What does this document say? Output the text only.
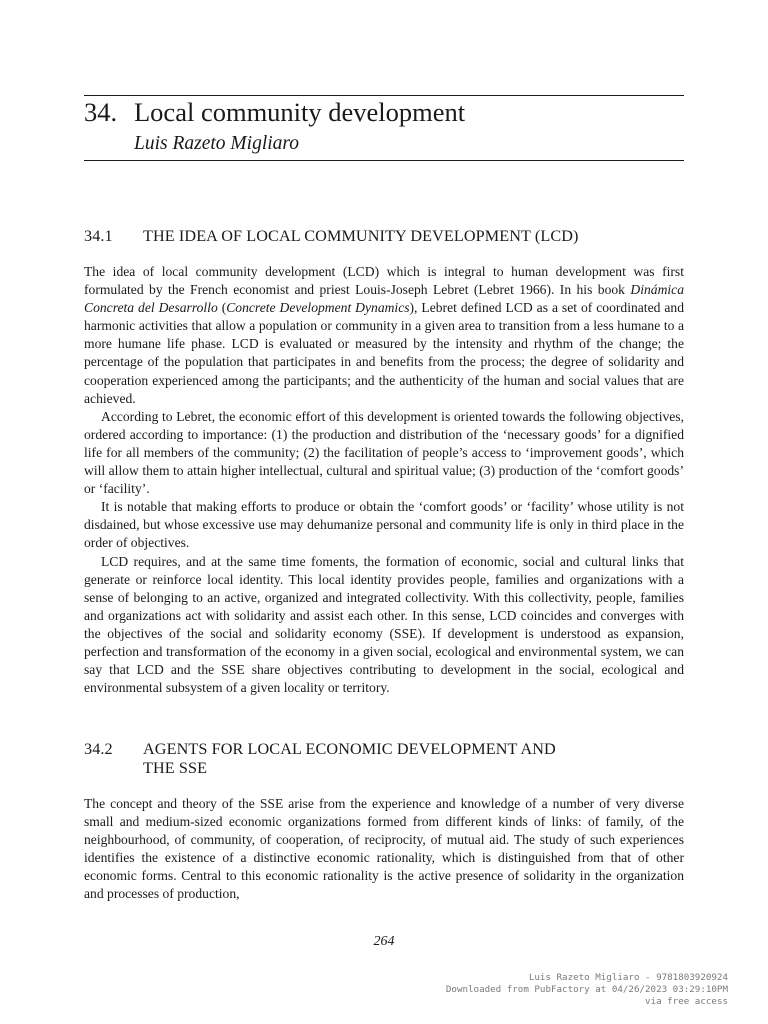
34. Local community development
Luis Razeto Migliaro
34.1 THE IDEA OF LOCAL COMMUNITY DEVELOPMENT (LCD)

The idea of local community development (LCD) which is integral to human development was first formulated by the French economist and priest Louis-Joseph Lebret (Lebret 1966). In his book Dinámica Concreta del Desarrollo (Concrete Development Dynamics), Lebret defined LCD as a set of coordinated and harmonic activities that allow a population or community in a given area to transition from a less humane to a more humane life phase. LCD is evaluated or measured by the intensity and rhythm of the change; the percentage of the population that participates in and benefits from the process; the degree of solidarity and cooperation experienced among the participants; and the authenticity of the human and social values that are achieved.

According to Lebret, the economic effort of this development is oriented towards the following objectives, ordered according to importance: (1) the production and distribution of the ‘necessary goods’ for a dignified life for all members of the community; (2) the facilitation of people’s access to ‘improvement goods’, which will allow them to attain higher intellectual, cultural and spiritual value; (3) production of the ‘comfort goods’ or ‘facility’.

It is notable that making efforts to produce or obtain the ‘comfort goods’ or ‘facility’ whose utility is not disdained, but whose excessive use may dehumanize personal and community life is only in third place in the order of objectives.

LCD requires, and at the same time foments, the formation of economic, social and cultural links that generate or reinforce local identity. This local identity provides people, families and organizations with a sense of belonging to an active, organized and integrated collectivity. With this collectivity, people, families and organizations act with solidarity and assist each other. In this sense, LCD coincides and converges with the objectives of the social and solidarity economy (SSE). If development is understood as expansion, perfection and transformation of the economy in a given social, ecological and environmental system, we can say that LCD and the SSE share objectives contributing to development in the social, ecological and environmental subsystem of a given locality or territory.

34.2 AGENTS FOR LOCAL ECONOMIC DEVELOPMENT AND
THE SSE

The concept and theory of the SSE arise from the experience and knowledge of a number of very diverse small and medium-sized economic organizations formed from different kinds of links: of family, of the neighbourhood, of community, of cooperation, of reciprocity, of mutual aid. The study of such experiences identifies the existence of a distinctive economic rationality, which is distinguished from that of other economic forms. Central to this economic rationality is the active presence of solidarity in the organization and processes of production,

264
Luis Razeto Migliaro - 9781803920924
Downloaded from PubFactory at 04/26/2023 03:29:10PM
via free access
